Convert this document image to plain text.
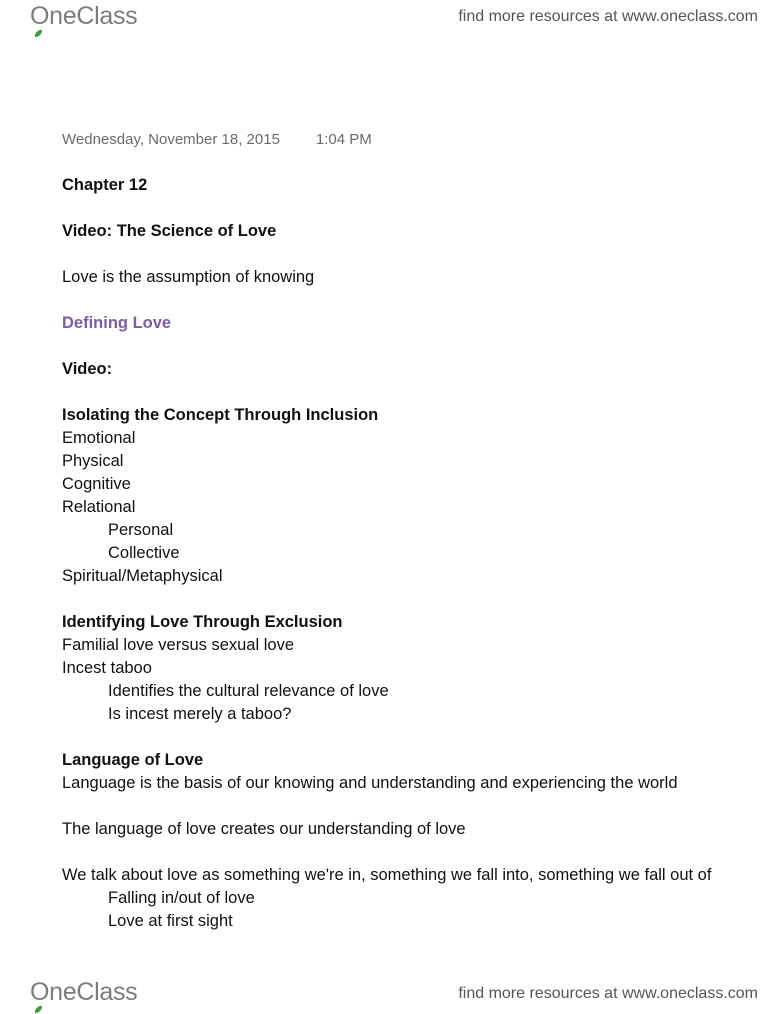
OneClass	find more resources at www.oneclass.com
Wednesday, November 18, 2015 1:04 PM
Chapter 12
Video: The Science of Love
Love is the assumption of knowing
Defining Love
Video:
Isolating the Concept Through Inclusion
Emotional
Physical
Cognitive
Relational
Personal
Collective
Spiritual/Metaphysical
Identifying Love Through Exclusion
Familial love versus sexual love
Incest taboo
Identifies the cultural relevance of love
Is incest merely a taboo?
Language of Love
Language is the basis of our knowing and understanding and experiencing the world
The language of love creates our understanding of love
We talk about love as something we're in, something we fall into, something we fall out of
Falling in/out of love
Love at first sight
OneClass	find more resources at www.oneclass.com
